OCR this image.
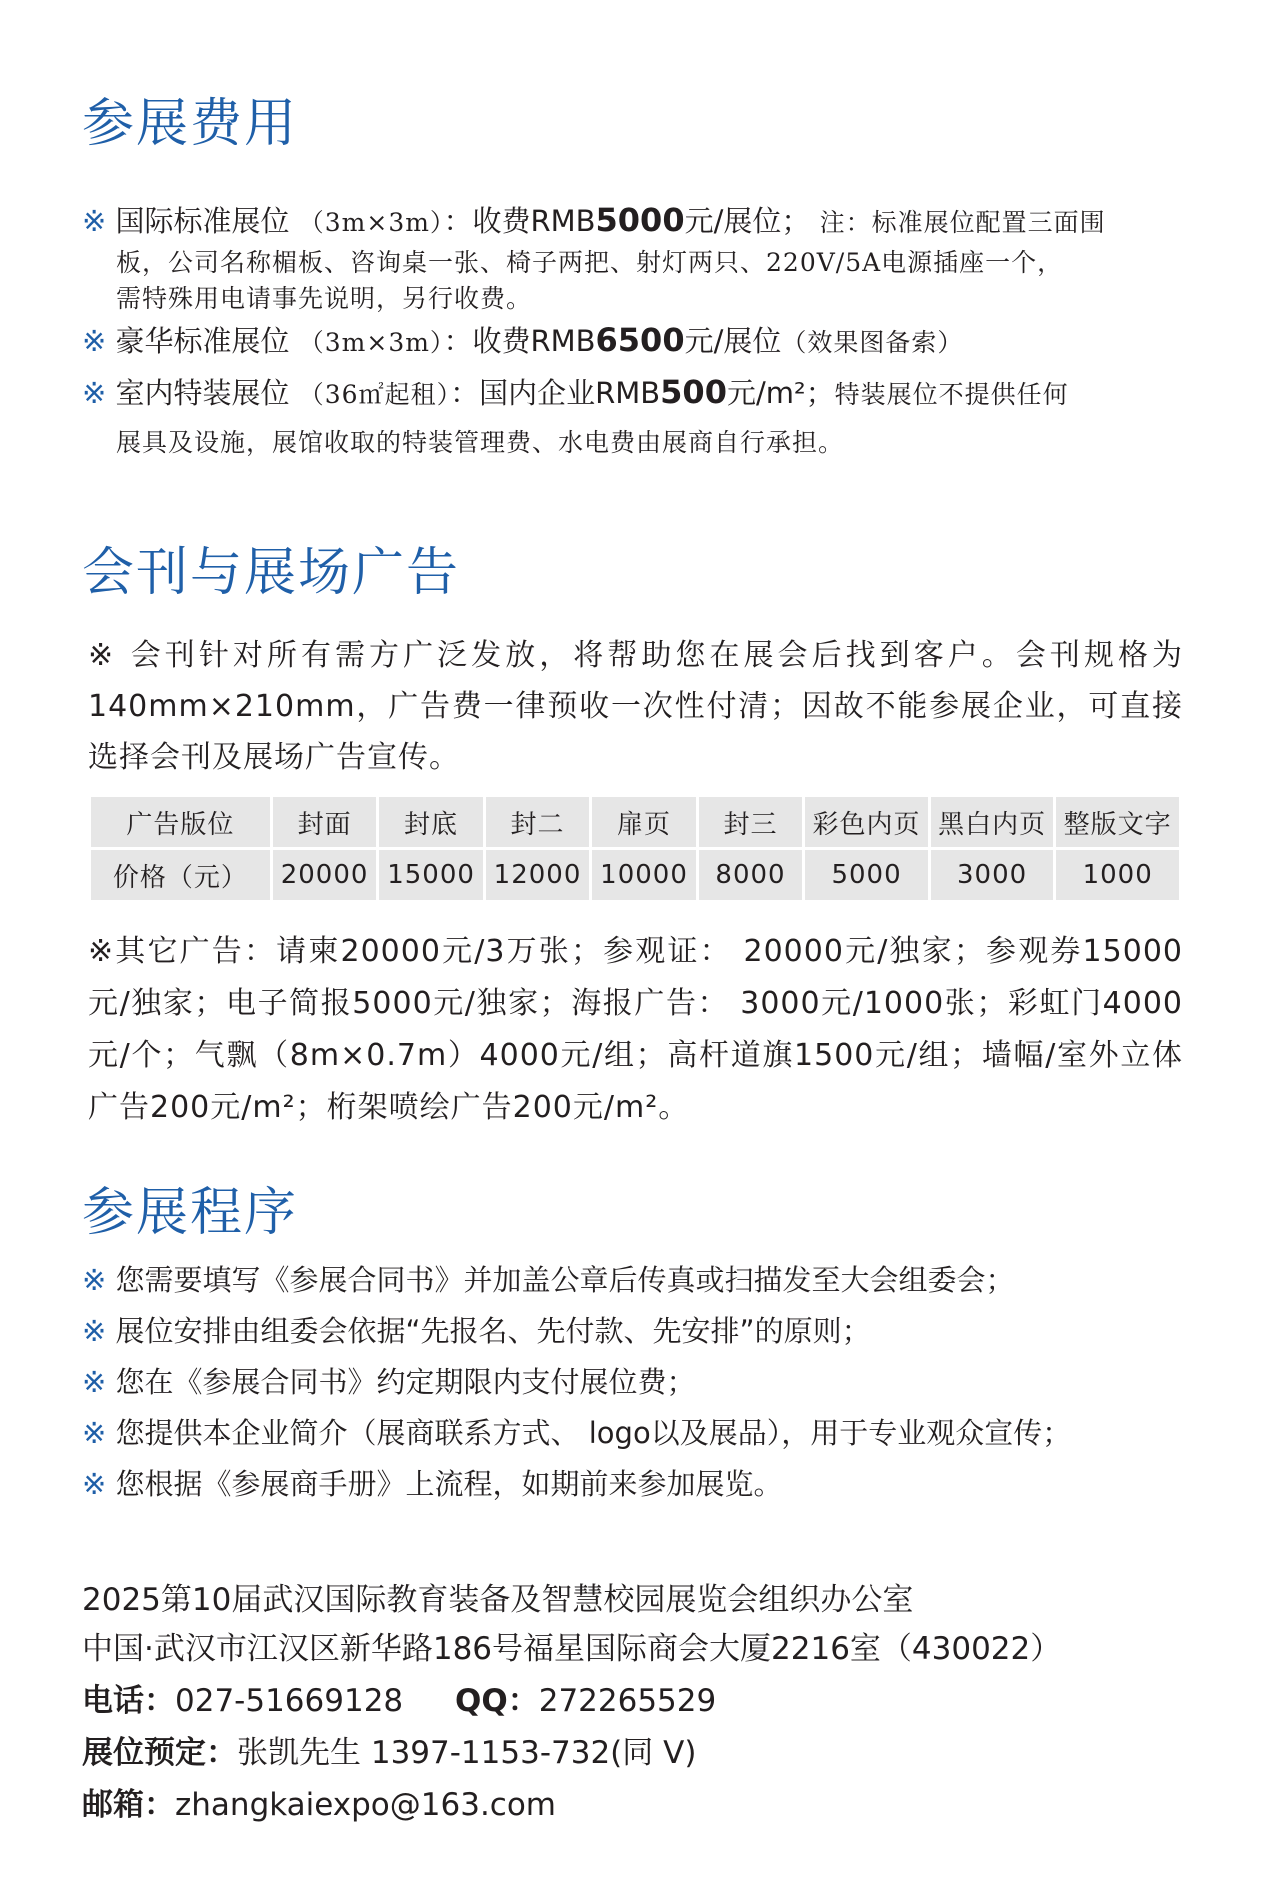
参展费用
※ 国际标准展位 （3m×3m）：收费RMB5000元/展位； 注：标准展位配置三面围
板，公司名称楣板、咨询桌一张、椅子两把、射灯两只、220V/5A电源插座一个，
需特殊用电请事先说明，另行收费。
※ 豪华标准展位 （3m×3m）：收费RMB6500元/展位（效果图备索）
※ 室内特装展位 （36㎡起租）：国内企业RMB500元/m²；特装展位不提供任何
展具及设施，展馆收取的特装管理费、水电费由展商自行承担。
会刊与展场广告
※ 会刊针对所有需方广泛发放，将帮助您在展会后找到客户。会刊规格为140mm×210mm，广告费一律预收一次性付清；因故不能参展企业，可直接选择会刊及展场广告宣传。
广告版位	封面	封底	封二	扉页	封三	彩色内页	黑白内页	整版文字
价格（元）	20000	15000	12000	10000	8000	5000	3000	1000
※其它广告：请柬20000元/3万张；参观证： 20000元/独家；参观券15000元/独家；电子简报5000元/独家；海报广告： 3000元/1000张；彩虹门4000元/个；气飘（8m×0.7m）4000元/组；高杆道旗1500元/组；墙幅/室外立体广告200元/m²；桁架喷绘广告200元/m²。
参展程序
※ 您需要填写《参展合同书》并加盖公章后传真或扫描发至大会组委会；
※ 展位安排由组委会依据“先报名、先付款、先安排”的原则；
※ 您在《参展合同书》约定期限内支付展位费；
※ 您提供本企业简介（展商联系方式、 logo以及展品），用于专业观众宣传；
※ 您根据《参展商手册》上流程，如期前来参加展览。
2025第10届武汉国际教育装备及智慧校园展览会组织办公室
中国·武汉市江汉区新华路186号福星国际商会大厦2216室（430022）
电话：027-51669128 QQ：272265529
展位预定：张凯先生 1397-1153-732(同 V)
邮箱：zhangkaiexpo@163.com
